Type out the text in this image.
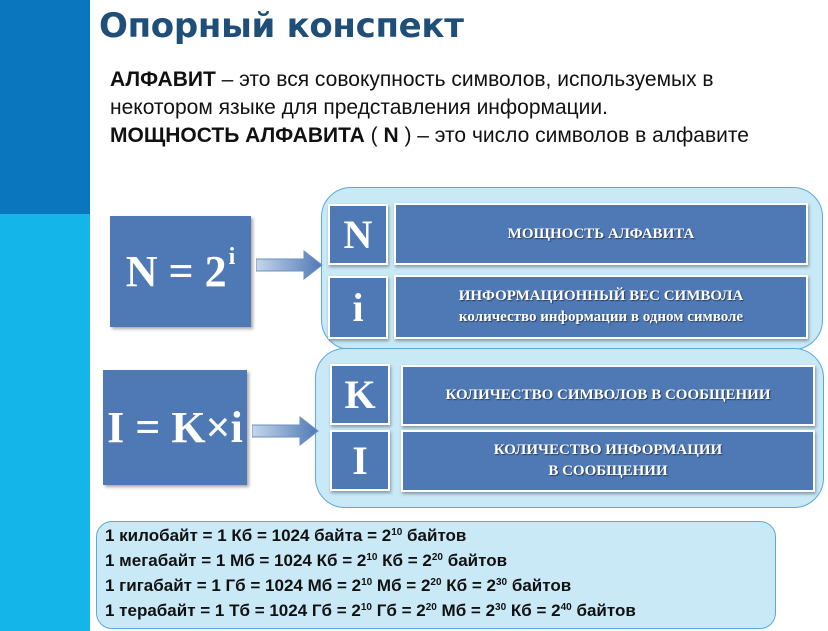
Опорный конспект

АЛФАВИТ – это вся совокупность символов, используемых в некотором языке для представления информации.

МОЩНОСТЬ АЛФАВИТА ( N ) – это число символов в алфавите

$N = 2^i$	N	МОЩНОСТЬ АЛФАВИТА
i	ИНФОРМАЦИОННЫЙ ВЕС СИМВОЛА
количество информации в одном символе
I = K×i
K	КОЛИЧЕСТВО СИМВОЛОВ В СООБЩЕНИИ
I	КОЛИЧЕСТВО ИНФОРМАЦИИ
В СООБЩЕНИИ
1 килобайт = 1 Кб = 1024 байта = $2^{10}$ байтов
1 мегабайт = 1 Мб = 1024 Кб = $2^{10}$ Кб = $2^{20}$ байтов
1 гигабайт = 1 Гб = 1024 Мб = $2^{10}$ Мб = $2^{20}$ Кб = $2^{30}$ байтов
1 терабайт = 1 Тб = 1024 Гб = $2^{10}$ Гб = $2^{20}$ Мб = $2^{30}$ Кб = $2^{40}$ байтов
